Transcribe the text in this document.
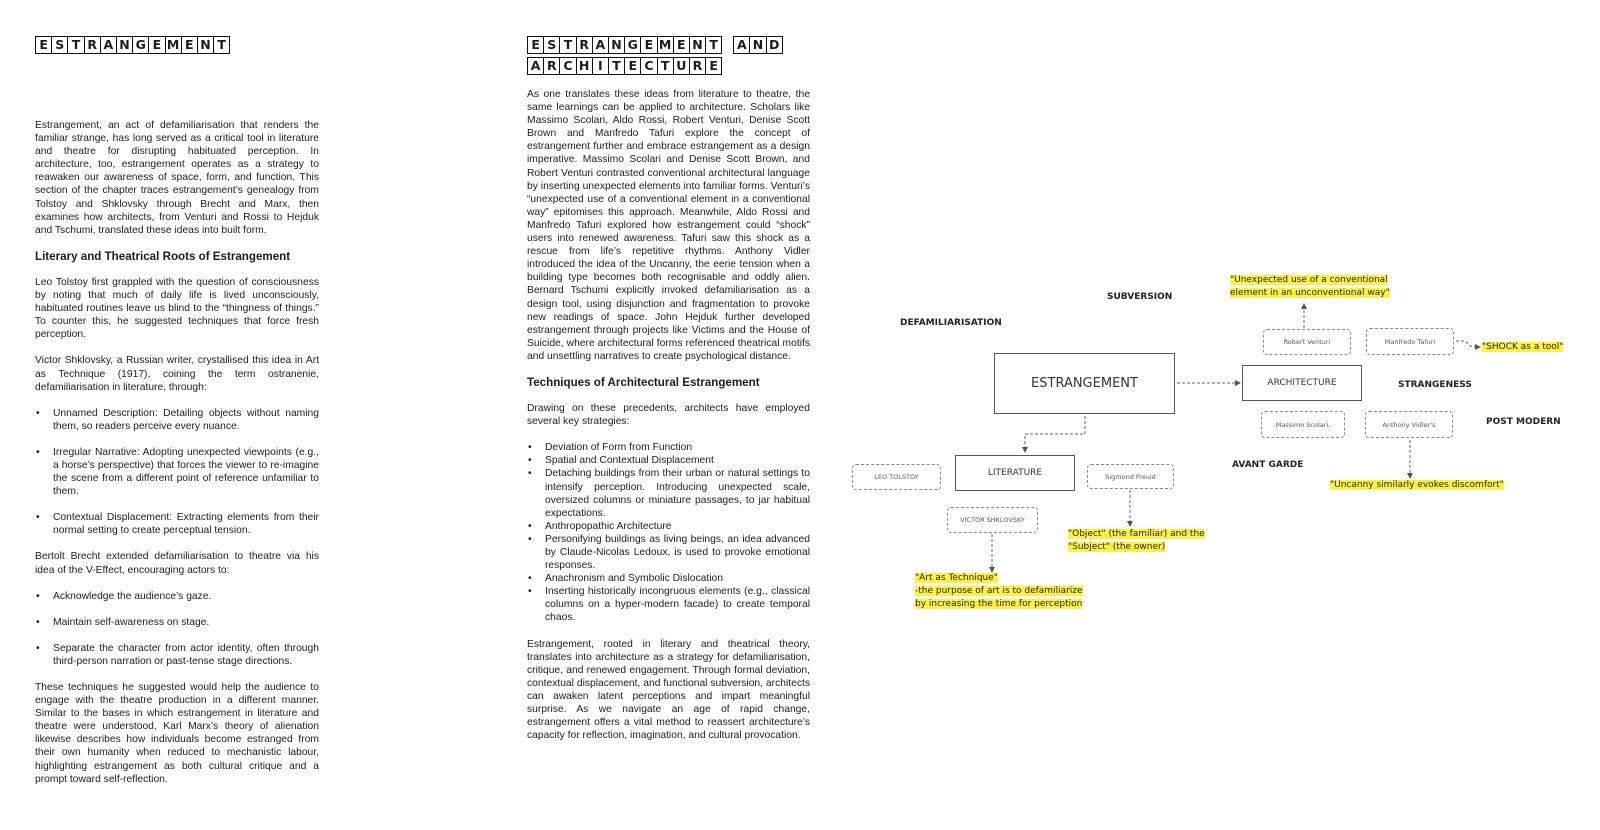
E S T R A N G E M E N T

Estrangement, an act of defamiliarisation that renders the familiar strange, has long served as a critical tool in literature and theatre for disrupting habituated perception. In architecture, too, estrangement operates as a strategy to reawaken our awareness of space, form, and function. This section of the chapter traces estrangement’s genealogy from Tolstoy and Shklovsky through Brecht and Marx, then examines how architects, from Venturi and Rossi to Hejduk and Tschumi, translated these ideas into built form.

Literary and Theatrical Roots of Estrangement

Leo Tolstoy first grappled with the question of consciousness by noting that much of daily life is lived unconsciously, habituated routines leave us blind to the “thingness of things.” To counter this, he suggested techniques that force fresh perception.

Victor Shklovsky, a Russian writer, crystallised this idea in Art as Technique (1917), coining the term ostranenie, defamiliarisation in literature, through:

• Unnamed Description: Detailing objects without naming them, so readers perceive every nuance.
• Irregular Narrative: Adopting unexpected viewpoints (e.g., a horse’s perspective) that forces the viewer to re-imagine the scene from a different point of reference unfamiliar to them.
• Contextual Displacement: Extracting elements from their normal setting to create perceptual tension.

Bertolt Brecht extended defamiliarisation to theatre via his idea of the V-Effect, encouraging actors to:

• Acknowledge the audience’s gaze.
• Maintain self-awareness on stage.
• Separate the character from actor identity, often through third-person narration or past-tense stage directions.

These techniques he suggested would help the audience to engage with the theatre production in a different manner. Similar to the bases in which estrangement in literature and theatre were understood, Karl Marx’s theory of alienation likewise describes how individuals become estranged from their own humanity when reduced to mechanistic labour, highlighting estrangement as both cultural critique and a prompt toward self-reflection.

E S T R A N G E M E N T
	A N D
A R C H I T E C T U R E

As one translates these ideas from literature to theatre, the same learnings can be applied to architecture. Scholars like Massimo Scolari, Aldo Rossi, Robert Venturi, Denise Scott Brown and Manfredo Tafuri explore the concept of estrangement further and embrace estrangement as a design imperative. Massimo Scolari and Denise Scott Brown, and Robert Venturi contrasted conventional architectural language by inserting unexpected elements into familiar forms. Venturi’s “unexpected use of a conventional element in a conventional way” epitomises this approach. Meanwhile, Aldo Rossi and Manfredo Tafuri explored how estrangement could “shock” users into renewed awareness. Tafuri saw this shock as a rescue from life’s repetitive rhythms. Anthony Vidler introduced the idea of the Uncanny, the eerie tension when a building type becomes both recognisable and oddly alien. Bernard Tschumi explicitly invoked defamiliarisation as a design tool, using disjunction and fragmentation to provoke new readings of space. John Hejduk further developed estrangement through projects like Victims and the House of Suicide, where architectural forms referenced theatrical motifs and unsettling narratives to create psychological distance.

Techniques of Architectural Estrangement

Drawing on these precedents, architects have employed several key strategies:

• Deviation of Form from Function
• Spatial and Contextual Displacement
• Detaching buildings from their urban or natural settings to intensify perception. Introducing unexpected scale, oversized columns or miniature passages, to jar habitual expectations.
• Anthropopathic Architecture
• Personifying buildings as living beings, an idea advanced by Claude-Nicolas Ledoux, is used to provoke emotional responses.
• Anachronism and Symbolic Dislocation
• Inserting historically incongruous elements (e.g., classical columns on a hyper-modern facade) to create temporal chaos.

Estrangement, rooted in literary and theatrical theory, translates into architecture as a strategy for defamiliarisation, critique, and renewed engagement. Through formal deviation, contextual displacement, and functional subversion, architects can awaken latent perceptions and impart meaningful surprise. As we navigate an age of rapid change, estrangement offers a vital method to reassert architecture’s capacity for reflection, imagination, and cultural provocation.

DEFAMILIARISATION
SUBVERSION
STRANGENESS
POST MODERN
AVANT GARDE
ESTRANGEMENT
LITERATURE
ARCHITECTURE
LEO TOLSTOY	Sigmond Freuid
VICTOR SHKLOVSKY
Robert Venturi	Manfredo Tafuri
Massimo Scolari,	Anthony Vidler's
"Unexpected use of a conventional
element in an unconventional way"
"SHOCK as a tool"
"Uncanny similarly evokes discomfort"
"Object" (the familiar) and the
"Subject" (the owner)
"Art as Technique"
-the purpose of art is to defamiliarize
by increasing the time for perception
